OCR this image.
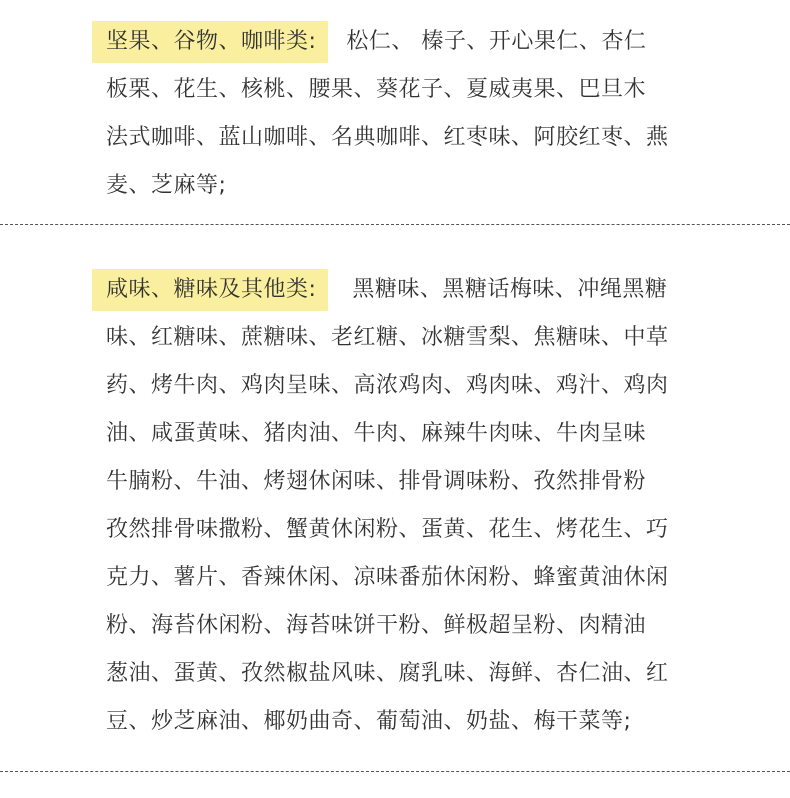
坚果、谷物、咖啡类: 松仁、 榛子、开心果仁、杏仁
板栗、花生、核桃、腰果、葵花子、夏威夷果、巴旦木
法式咖啡、蓝山咖啡、名典咖啡、红枣味、阿胶红枣、燕
麦、芝麻等;
咸味、糖味及其他类: 黑糖味、黑糖话梅味、冲绳黑糖
味、红糖味、蔗糖味、老红糖、冰糖雪梨、焦糖味、中草
药、烤牛肉、鸡肉呈味、高浓鸡肉、鸡肉味、鸡汁、鸡肉
油、咸蛋黄味、猪肉油、牛肉、麻辣牛肉味、牛肉呈味
牛腩粉、牛油、烤翅休闲味、排骨调味粉、孜然排骨粉
孜然排骨味撒粉、蟹黄休闲粉、蛋黄、花生、烤花生、巧
克力、薯片、香辣休闲、凉味番茄休闲粉、蜂蜜黄油休闲
粉、海苔休闲粉、海苔味饼干粉、鲜极超呈粉、肉精油
葱油、蛋黄、孜然椒盐风味、腐乳味、海鲜、杏仁油、红
豆、炒芝麻油、椰奶曲奇、葡萄油、奶盐、梅干菜等;
